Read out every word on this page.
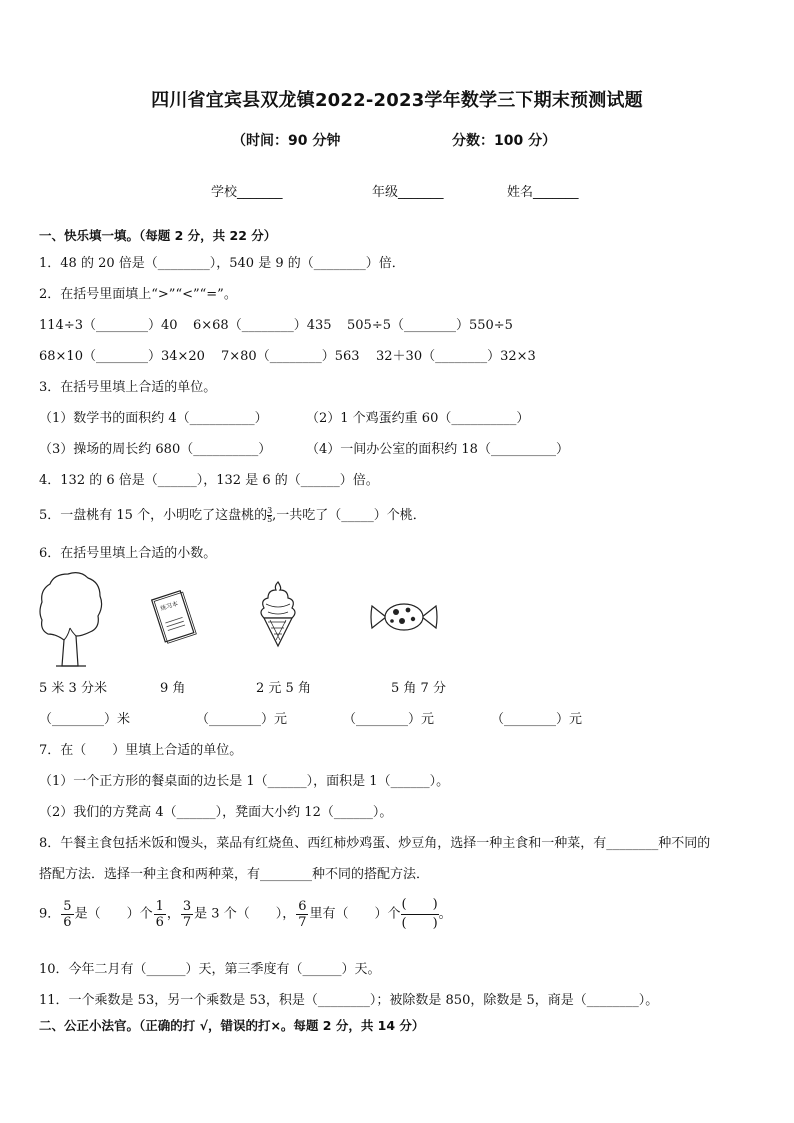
四川省宜宾县双龙镇2022-2023学年数学三下期末预测试题
（时间：90 分钟	分数：100 分）
学校_______	年级_______	姓名_______
一、快乐填一填。（每题 2 分，共 22 分）
1．48 的 20 倍是（________），540 是 9 的（________）倍．
2．在括号里面填上“>”“<”“=”。
114÷3（________）40 6×68（________）435 505÷5（________）550÷5
68×10（________）34×20 7×80（________）563 32＋30（________）32×3
3．在括号里填上合适的单位。
（1）数学书的面积约 4（__________）	（2）1 个鸡蛋约重 60（__________）
（3）操场的周长约 680（__________）	（4）一间办公室的面积约 18（__________）
4．132 的 6 倍是（______），132 是 6 的（______）倍。
5．一盘桃有 15 个，小明吃了这盘桃的 $\frac{3}{5}$,一共吃了（_____）个桃．
6．在括号里填上合适的小数。
练习本
5 米 3 分米	9 角	2 元 5 角	5 角 7 分
（________）米	（________）元	（________）元	（________）元
7．在（　　）里填上合适的单位。
（1）一个正方形的餐桌面的边长是 1（______），面积是 1（______）。
（2）我们的方凳高 4（______），凳面大小约 12（______）。
8．午餐主食包括米饭和馒头，菜品有红烧鱼、西红柿炒鸡蛋、炒豆角，选择一种主食和一种菜，有________种不同的
搭配方法．选择一种主食和两种菜，有________种不同的搭配方法．
9． $\frac{5}{6}$ 是（　　）个 $\frac{1}{6}$ ， $\frac{3}{7}$ 是 3 个（　　）， $\frac{6}{7}$ 里有（　　）个
(　　)
(　　)
。
10．今年二月有（______）天，第三季度有（______）天。
11．一个乘数是 53，另一个乘数是 53，积是（________）；被除数是 850，除数是 5，商是（________）。
二、公正小法官。（正确的打 √，错误的打×。每题 2 分，共 14 分）
